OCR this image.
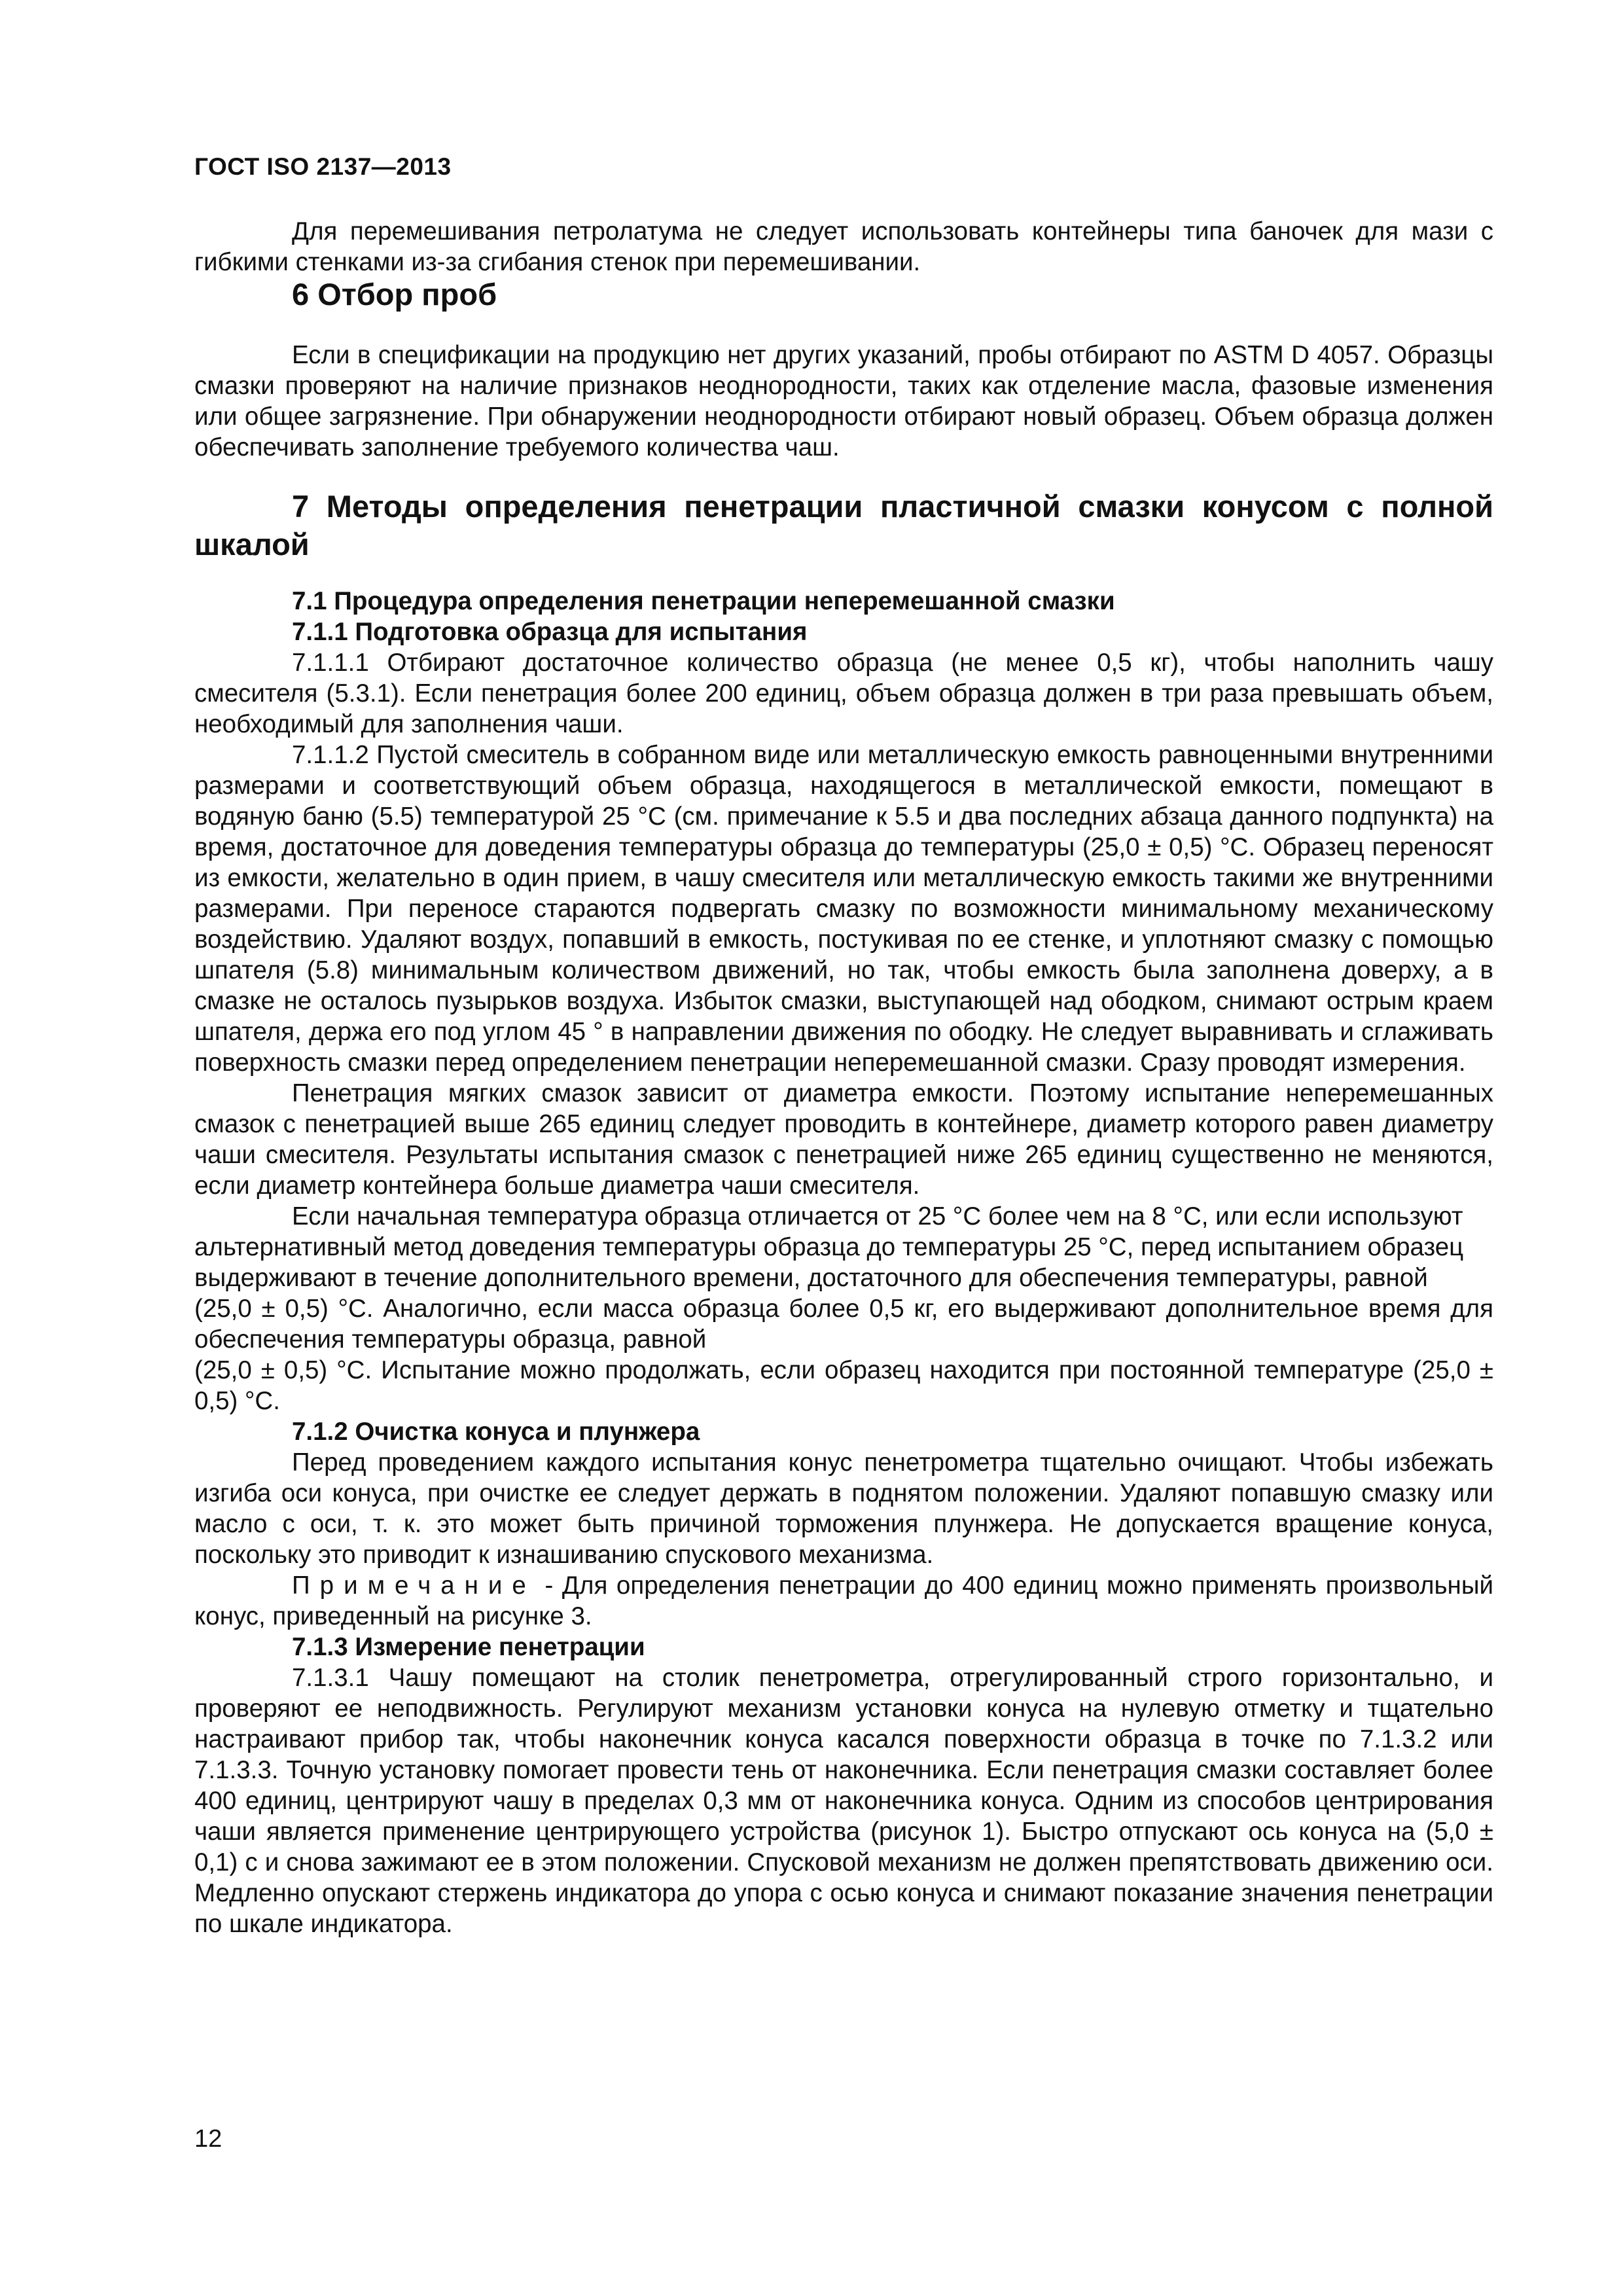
ГОСТ ISO 2137—2013

Для перемешивания петролатума не следует использовать контейнеры типа баночек для мази с гибкими стенками из-за сгибания стенок при перемешивании.

6 Отбор проб

Если в спецификации на продукцию нет других указаний, пробы отбирают по ASTM D 4057. Образцы смазки проверяют на наличие признаков неоднородности, таких как отделение масла, фазовые изменения или общее загрязнение. При обнаружении неоднородности отбирают новый образец. Объем образца должен обеспечивать заполнение требуемого количества чаш.

7 Методы определения пенетрации пластичной смазки конусом с полной шкалой
7.1 Процедура определения пенетрации неперемешанной смазки
7.1.1 Подготовка образца для испытания

7.1.1.1 Отбирают достаточное количество образца (не менее 0,5 кг), чтобы наполнить чашу смесителя (5.3.1). Если пенетрация более 200 единиц, объем образца должен в три раза превышать объем, необходимый для заполнения чаши.

7.1.1.2 Пустой смеситель в собранном виде или металлическую емкость равноценными внутренними размерами и соответствующий объем образца, находящегося в металлической емкости, помещают в водяную баню (5.5) температурой 25 °С (см. примечание к 5.5 и два последних абзаца данного подпункта) на время, достаточное для доведения температуры образца до температуры (25,0 ± 0,5) °С. Образец переносят из емкости, желательно в один прием, в чашу смесителя или металлическую емкость такими же внутренними размерами. При переносе стараются подвергать смазку по возможности минимальному механическому воздействию. Удаляют воздух, попавший в емкость, постукивая по ее стенке, и уплотняют смазку с помощью шпателя (5.8) минимальным количеством движений, но так, чтобы емкость была заполнена доверху, а в смазке не осталось пузырьков воздуха. Избыток смазки, выступающей над ободком, снимают острым краем шпателя, держа его под углом 45 ° в направлении движения по ободку. Не следует выравнивать и сглаживать поверхность смазки перед определением пенетрации неперемешанной смазки. Сразу проводят измерения.

Пенетрация мягких смазок зависит от диаметра емкости. Поэтому испытание неперемешанных смазок с пенетрацией выше 265 единиц следует проводить в контейнере, диаметр которого равен диаметру чаши смесителя. Результаты испытания смазок с пенетрацией ниже 265 единиц существенно не меняются, если диаметр контейнера больше диаметра чаши смесителя.

Если начальная температура образца отличается от 25 °С более чем на 8 °С, или если используют альтернативный метод доведения температуры образца до температуры 25 °С, перед испытанием образец выдерживают в течение дополнительного времени, достаточного для обеспечения температуры, равной

(25,0 ± 0,5) °С. Аналогично, если масса образца более 0,5 кг, его выдерживают дополнительное время для обеспечения температуры образца, равной

(25,0 ± 0,5) °С. Испытание можно продолжать, если образец находится при постоянной температуре (25,0 ± 0,5) °С.

7.1.2 Очистка конуса и плунжера

Перед проведением каждого испытания конус пенетрометра тщательно очищают. Чтобы избежать изгиба оси конуса, при очистке ее следует держать в поднятом положении. Удаляют попавшую смазку или масло с оси, т. к. это может быть причиной торможения плунжера. Не допускается вращение конуса, поскольку это приводит к изнашиванию спускового механизма.

Примечание - Для определения пенетрации до 400 единиц можно применять произвольный конус, приведенный на рисунке 3.

7.1.3 Измерение пенетрации

7.1.3.1 Чашу помещают на столик пенетрометра, отрегулированный строго горизонтально, и проверяют ее неподвижность. Регулируют механизм установки конуса на нулевую отметку и тщательно настраивают прибор так, чтобы наконечник конуса касался поверхности образца в точке по 7.1.3.2 или 7.1.3.3. Точную установку помогает провести тень от наконечника. Если пенетрация смазки составляет более 400 единиц, центрируют чашу в пределах 0,3 мм от наконечника конуса. Одним из способов центрирования чаши является применение центрирующего устройства (рисунок 1). Быстро отпускают ось конуса на (5,0 ± 0,1) с и снова зажимают ее в этом положении. Спусковой механизм не должен препятствовать движению оси. Медленно опускают стержень индикатора до упора с осью конуса и снимают показание значения пенетрации по шкале индикатора.

12
